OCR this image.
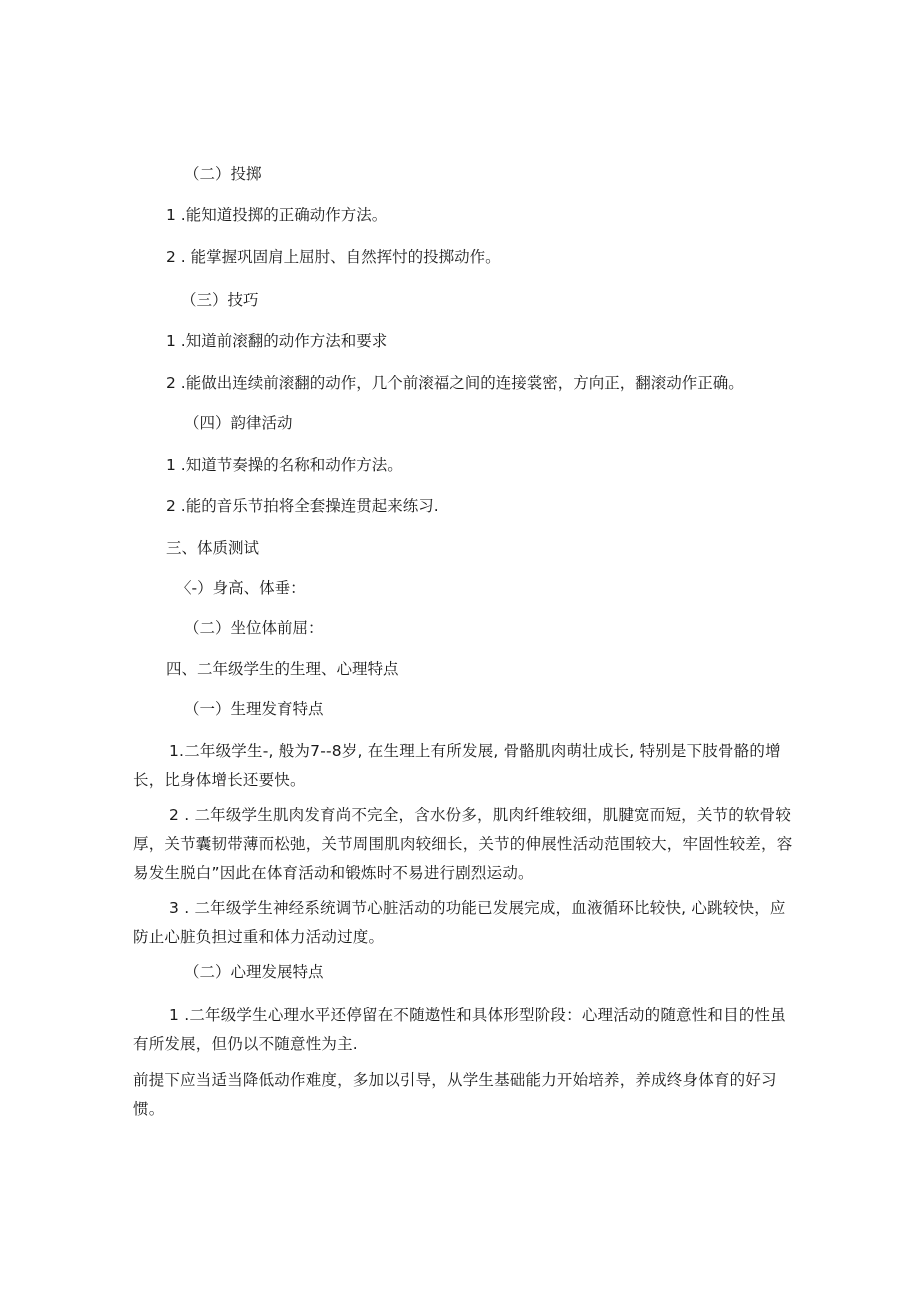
（二）投掷
1 .能知道投掷的正确动作方法。
2 . 能掌握巩固肩上屈肘、自然挥忖的投掷动作。
（三）技巧
1 .知道前滚翻的动作方法和要求
2 .能做出连续前滚翻的动作，几个前滚福之间的连接裳密，方向正，翻滚动作正确。
（四）韵律活动
1 .知道节奏操的名称和动作方法。
2 .能的音乐节拍将全套操连贯起来练习.
三、体质测试
〈-）身高、体垂：
（二）坐位体前屈：
四、二年级学生的生理、心理特点
（一）生理发育特点
1.二年级学生-, 般为7--8岁, 在生理上有所发展, 骨骼肌肉萌壮成长, 特别是下肢骨骼的增长，比身体增长还要快。
2 . 二年级学生肌肉发育尚不完全，含水份多，肌肉纤维较细，肌腱宽而短，关节的软骨较厚，关节囊韧带薄而松弛，关节周围肌肉较细长，关节的伸展性活动范围较大，牢固性较差，容易发生脱白”因此在体育活动和锻炼时不易进行剧烈运动。
3 . 二年级学生神经系统调节心脏活动的功能已发展完成，血液循环比较快, 心跳较快，应防止心脏负担过重和体力活动过度。
（二）心理发展特点
1 .二年级学生心理水平还停留在不随遨性和具体形型阶段：心理活动的随意性和目的性虽有所发展，但仍以不随意性为主.
前提下应当适当降低动作难度，多加以引导，从学生基础能力开始培养，养成终身体育的好习惯。
